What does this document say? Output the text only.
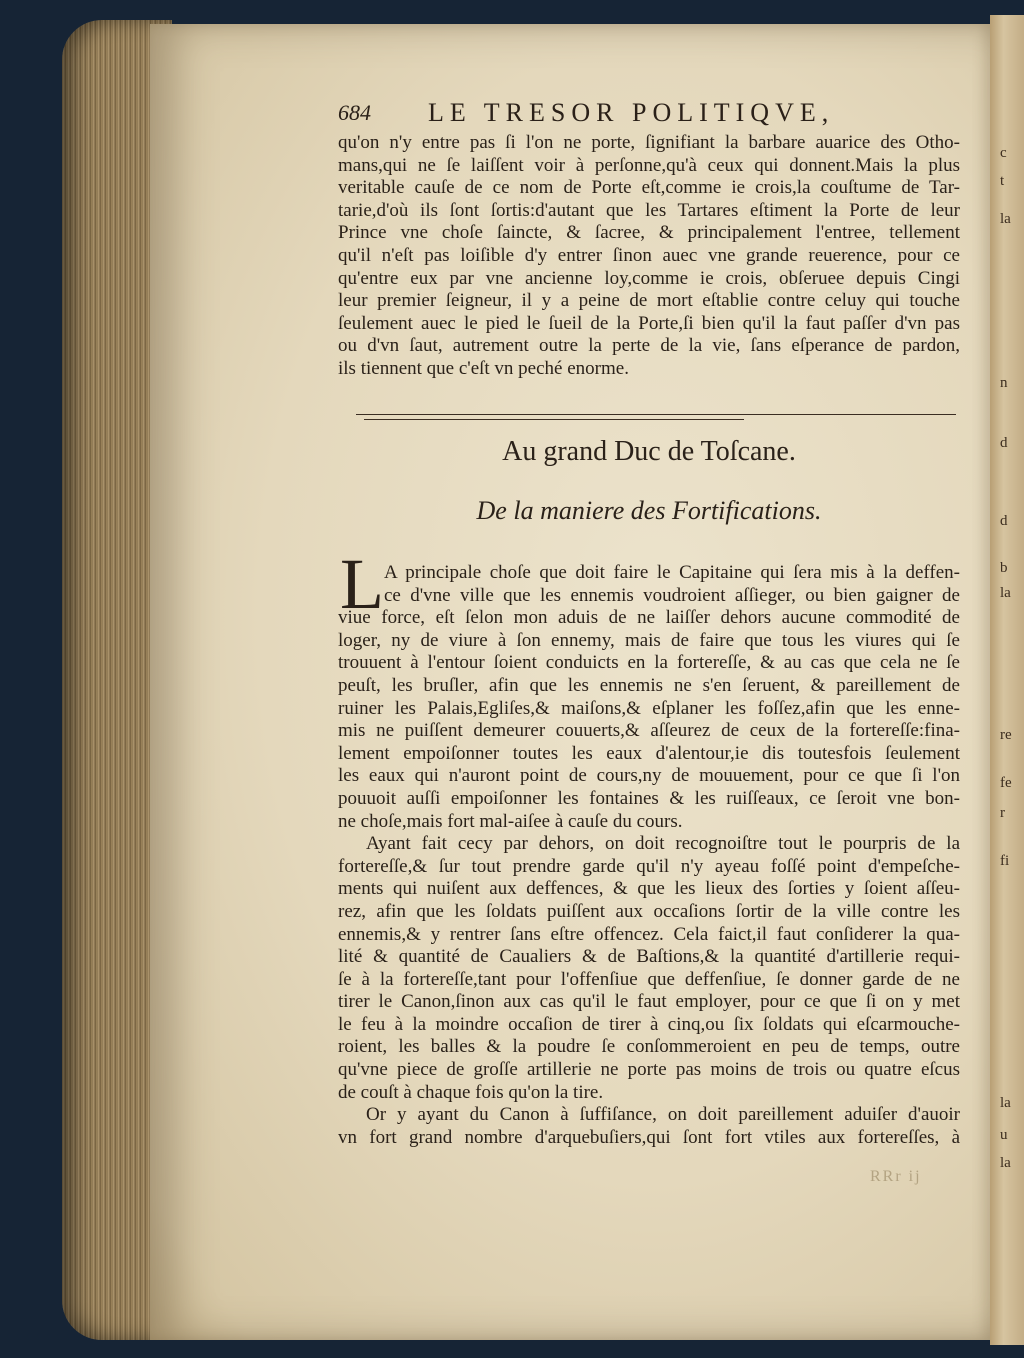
c
t
la
n
d
d
b
la
re
fe
r
fi
la
u
la
684 LE TRESOR POLITIQVE,
qu'on n'y entre pas ſi l'on ne porte, ſignifiant la barbare auarice des Otho-
mans,qui ne ſe laiſſent voir à perſonne,qu'à ceux qui donnent.Mais la plus
veritable cauſe de ce nom de Porte eſt,comme ie crois,la couſtume de Tar-
tarie,d'où ils ſont ſortis:d'autant que les Tartares eſtiment la Porte de leur
Prince vne choſe ſaincte, & ſacree, & principalement l'entree, tellement
qu'il n'eſt pas loiſible d'y entrer ſinon auec vne grande reuerence, pour ce
qu'entre eux par vne ancienne loy,comme ie crois, obſeruee depuis Cingi
leur premier ſeigneur, il y a peine de mort eſtablie contre celuy qui touche
ſeulement auec le pied le ſueil de la Porte,ſi bien qu'il la faut paſſer d'vn pas
ou d'vn ſaut, autrement outre la perte de la vie, ſans eſperance de pardon,
ils tiennent que c'eſt vn peché enorme.
Au grand Duc de Toſcane.
De la maniere des Fortifications.
L A principale choſe que doit faire le Capitaine qui ſera mis à la deffen-
ce d'vne ville que les ennemis voudroient aſſieger, ou bien gaigner de
viue force, eſt ſelon mon aduis de ne laiſſer dehors aucune commodité de
loger, ny de viure à ſon ennemy, mais de faire que tous les viures qui ſe
trouuent à l'entour ſoient conduicts en la forterеſſe, & au cas que cela ne ſe
peuſt, les bruſler, afin que les ennemis ne s'en ſeruent, & pareillement de
ruiner les Palais,Egliſes,& maiſons,& eſplaner les foſſez,afin que les enne-
mis ne puiſſent demeurer couuerts,& aſſeurez de ceux de la forterеſſe:fina-
lement empoiſonner toutes les eaux d'alentour,ie dis toutesfois ſeulement
les eaux qui n'auront point de cours,ny de mouuement, pour ce que ſi l'on
pouuoit auſſi empoiſonner les fontaines & les ruiſſeaux, ce ſeroit vne bon-
ne choſe,mais fort mal-aiſee à cauſe du cours.
Ayant fait cecy par dehors, on doit recognoiſtre tout le pourpris de la
forterеſſe,& ſur tout prendre garde qu'il n'y ayeau foſſé point d'empeſche-
ments qui nuiſent aux deffences, & que les lieux des ſorties y ſoient aſſeu-
rez, afin que les ſoldats puiſſent aux occaſions ſortir de la ville contre les
ennemis,& y rentrer ſans eſtre offencez. Cela faict,il faut conſiderer la qua-
lité & quantité de Caualiers & de Baſtions,& la quantité d'artillerie requi-
ſe à la forterеſſe,tant pour l'offenſiue que deffenſiue, ſe donner garde de ne
tirer le Canon,ſinon aux cas qu'il le faut employer, pour ce que ſi on y met
le feu à la moindre occaſion de tirer à cinq,ou ſix ſoldats qui eſcarmouche-
roient, les balles & la poudre ſe conſommeroient en peu de temps, outre
qu'vne piece de groſſe artillerie ne porte pas moins de trois ou quatre eſcus
de couſt à chaque fois qu'on la tire.
Or y ayant du Canon à ſuffiſance, on doit pareillement aduiſer d'auoir
vn fort grand nombre d'arquebuſiers,qui ſont fort vtiles aux forterеſſes, à
RRr ij
